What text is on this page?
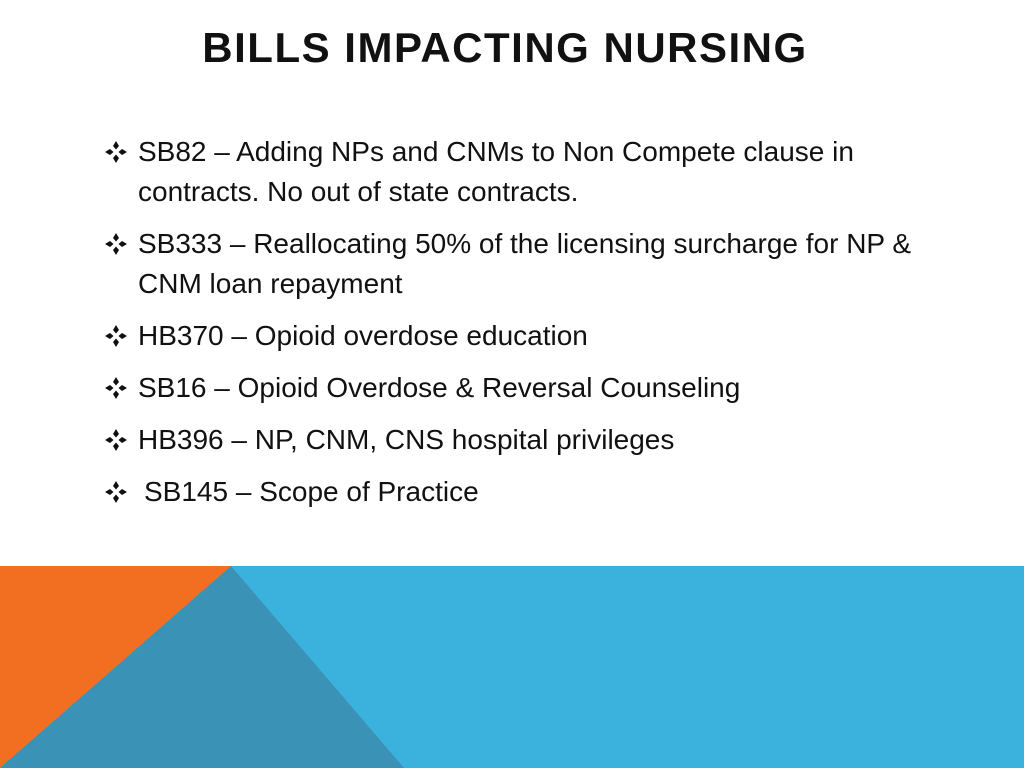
BILLS IMPACTING NURSING
SB82 – Adding NPs and CNMs to Non Compete clause in contracts. No out of state contracts.
SB333 – Reallocating 50% of the licensing surcharge for NP & CNM loan repayment
HB370 – Opioid overdose education
SB16 – Opioid Overdose & Reversal Counseling
HB396 – NP, CNM, CNS hospital privileges
SB145 – Scope of Practice
